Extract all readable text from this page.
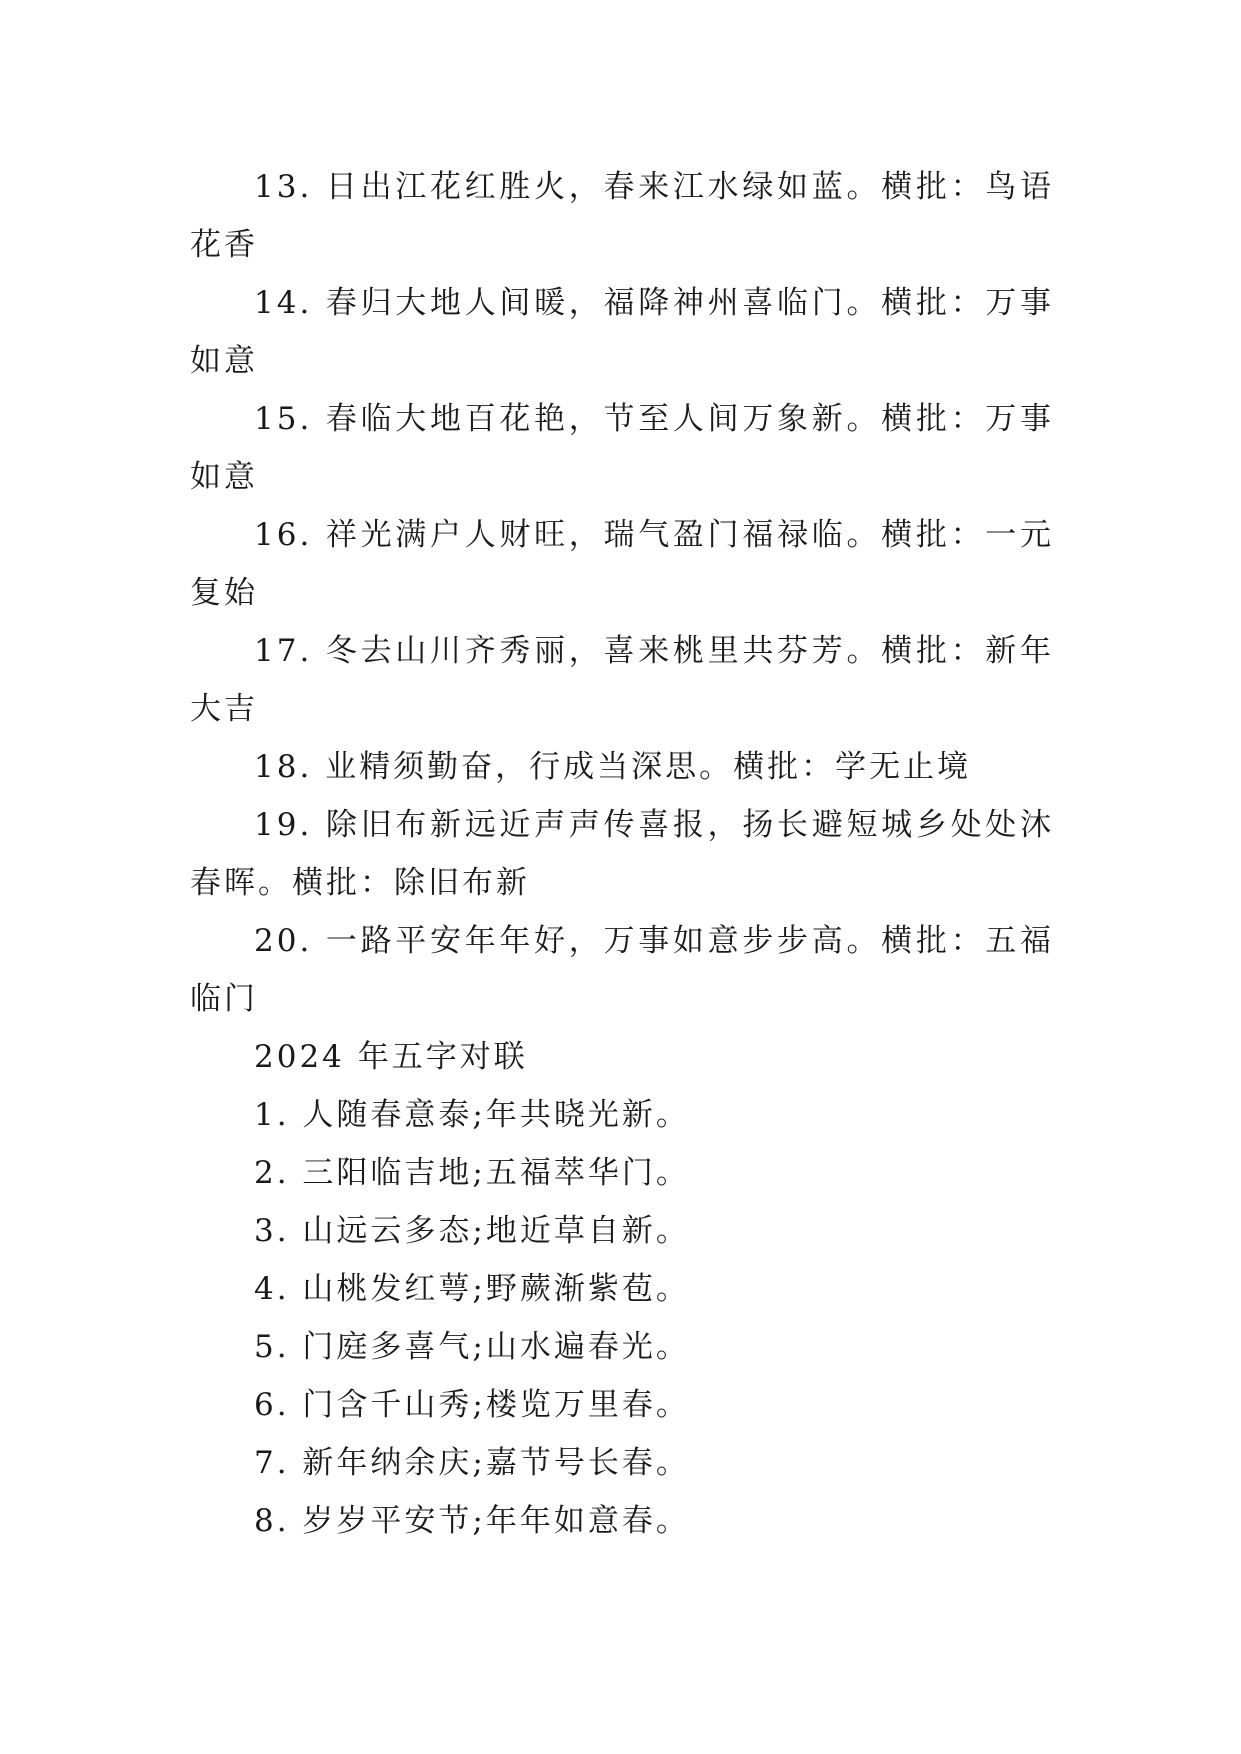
13. 日出江花红胜火，春来江水绿如蓝。横批：鸟语花香

14. 春归大地人间暖，福降神州喜临门。横批：万事如意

15. 春临大地百花艳，节至人间万象新。横批：万事如意

16. 祥光满户人财旺，瑞气盈门福禄临。横批：一元复始

17. 冬去山川齐秀丽，喜来桃里共芬芳。横批：新年大吉

18. 业精须勤奋，行成当深思。横批：学无止境

19. 除旧布新远近声声传喜报，扬长避短城乡处处沐春晖。横批：除旧布新

20. 一路平安年年好，万事如意步步高。横批：五福临门

2024 年五字对联

1. 人随春意泰;年共晓光新。

2. 三阳临吉地;五福萃华门。

3. 山远云多态;地近草自新。

4. 山桃发红萼;野蕨渐紫苞。

5. 门庭多喜气;山水遍春光。

6. 门含千山秀;楼览万里春。

7. 新年纳余庆;嘉节号长春。

8. 岁岁平安节;年年如意春。
